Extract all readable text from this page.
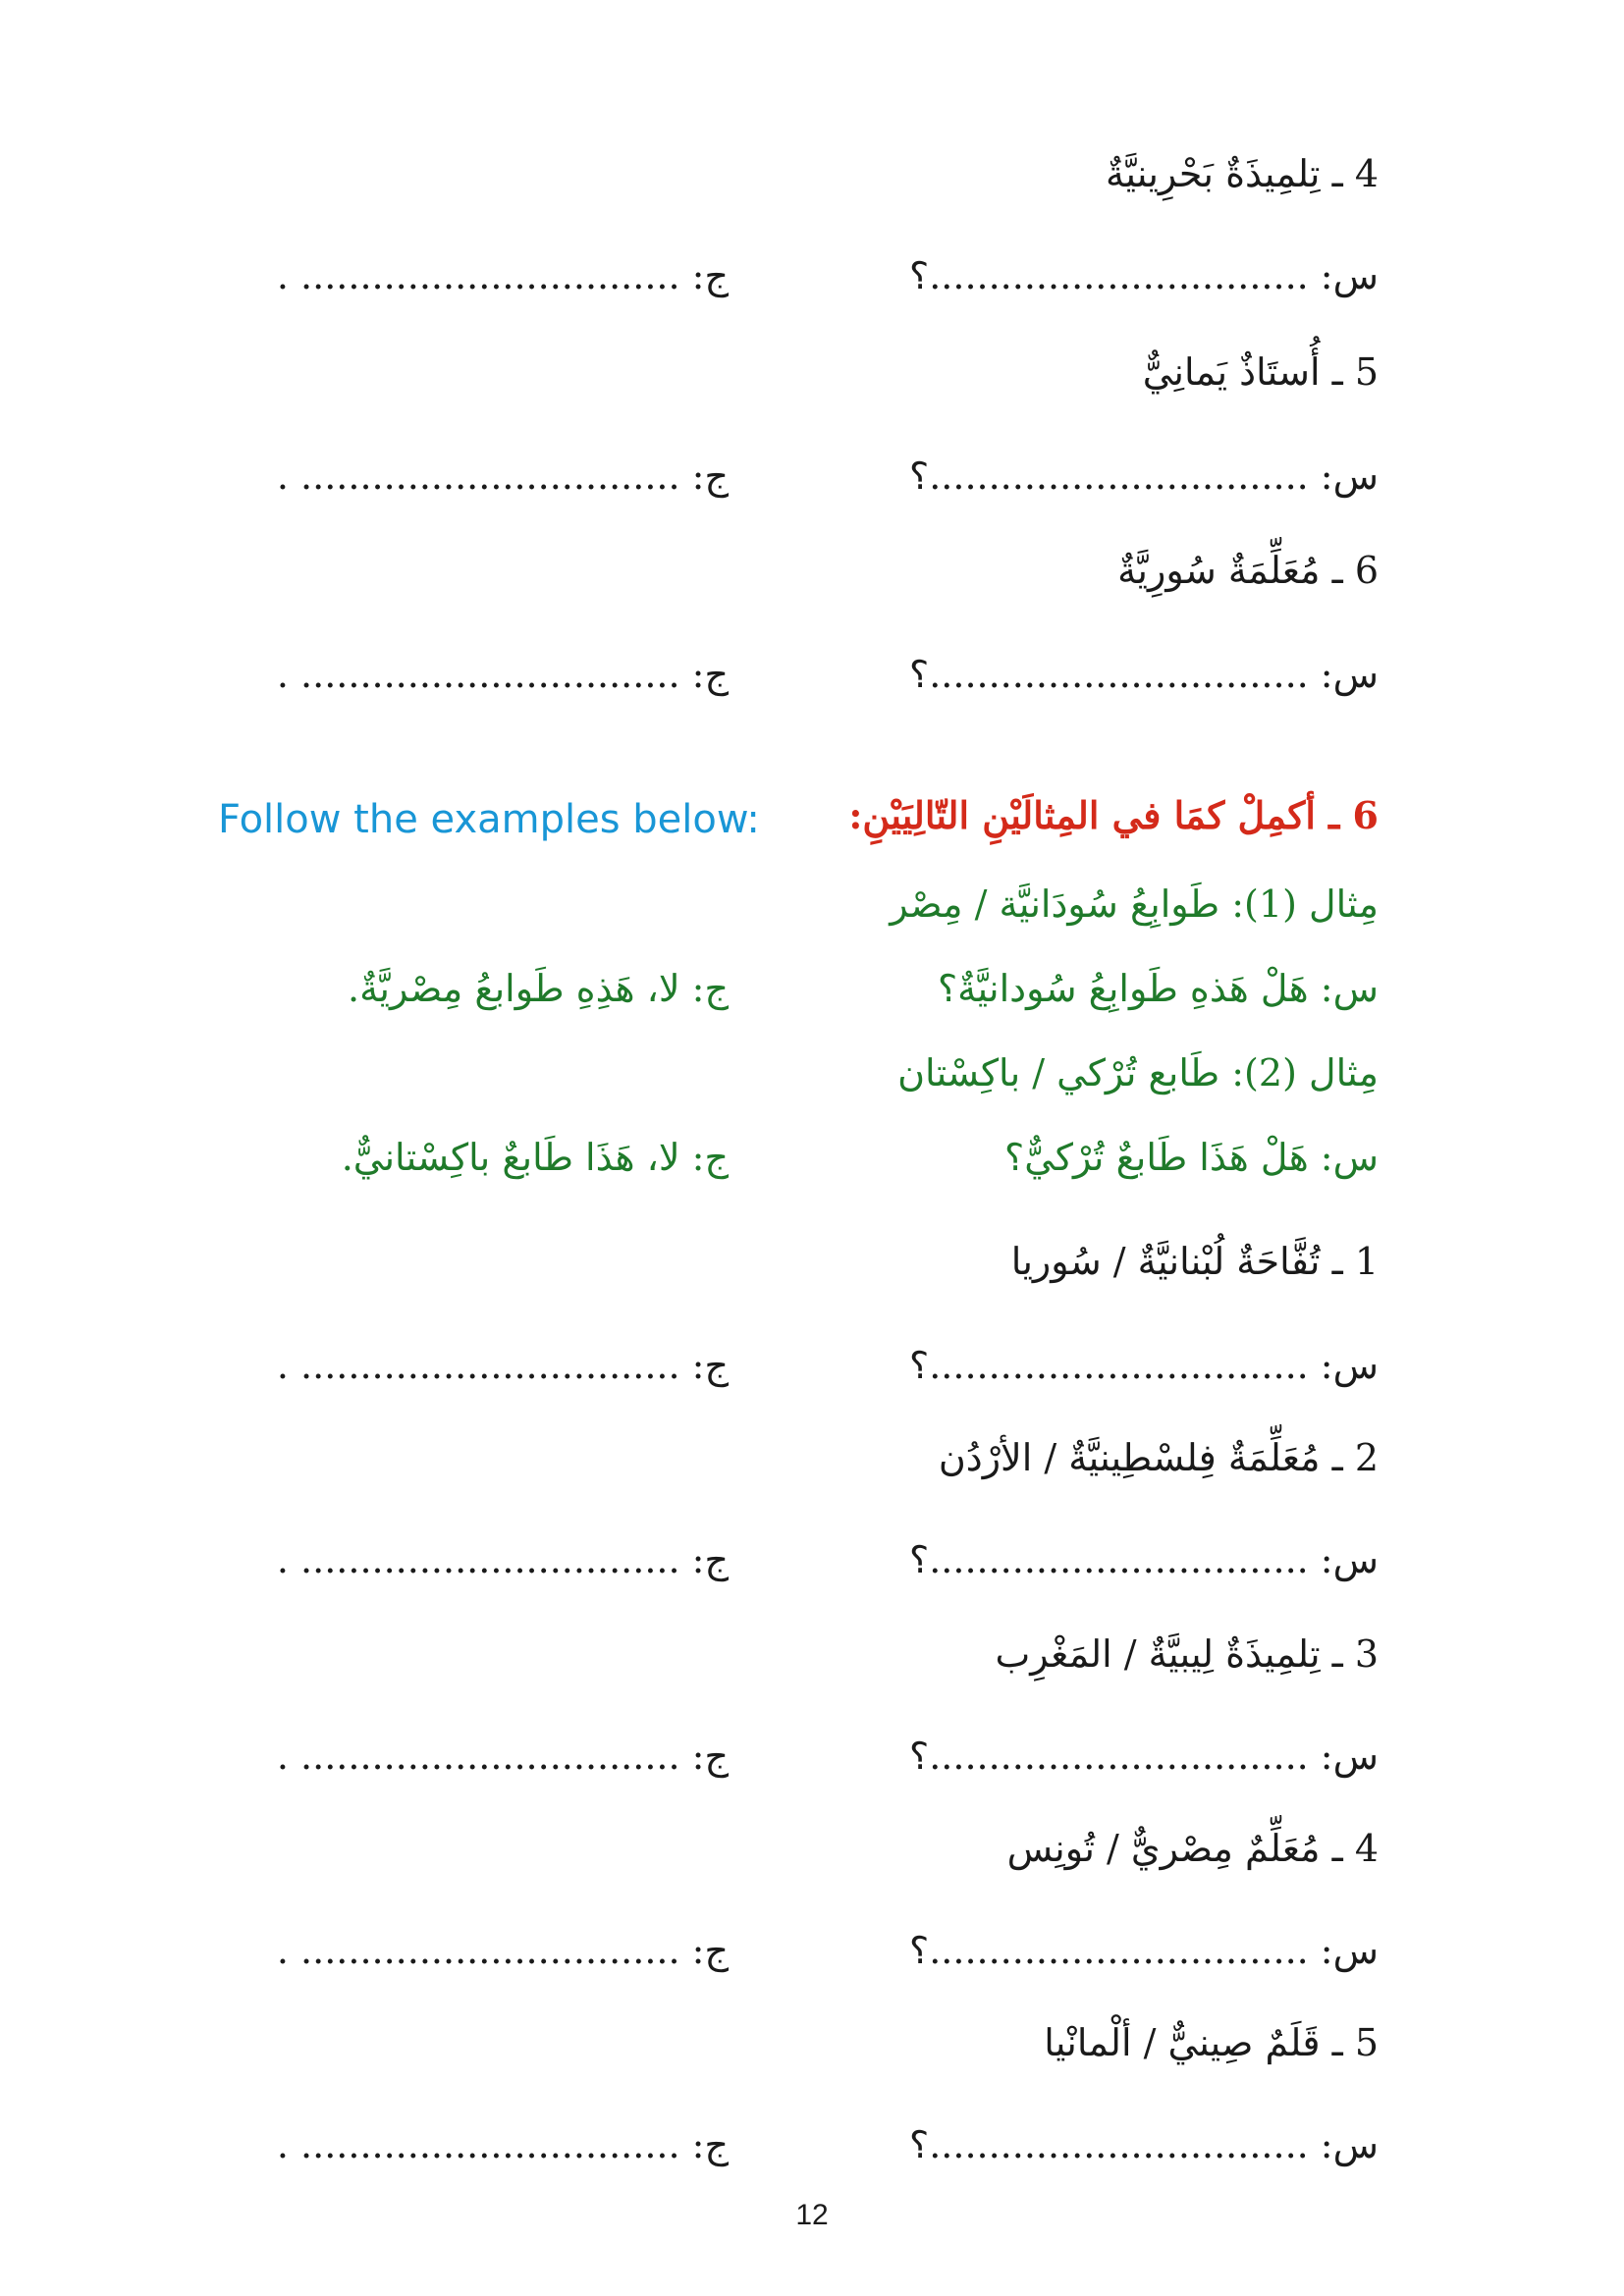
4 ـ تِلمِيذَةٌ بَحْرِينيَّةٌ
س: ................................؟
ج: ................................ .
5 ـ أُستَاذٌ يَمانِيٌّ
س: ................................؟
ج: ................................ .
6 ـ مُعَلِّمَةٌ سُورِيَّةٌ
س: ................................؟
ج: ................................ .
6 ـ أكمِلْ كمَا في المِثالَيْنِ التّالِيَيْنِ:
Follow the examples below:
مِثال (1): طَوابِعُ سُودَانيَّة / مِصْر
س: هَلْ هَذهِ طَوابِعُ سُودانيَّةٌ؟
ج: لا، هَذِهِ طَوابعُ مِصْريَّةٌ.
مِثال (2): طَابع تُرْكي / باكِسْتان
س: هَلْ هَذَا طَابعٌ تُرْكيٌّ؟
ج: لا، هَذَا طَابعٌ باكِسْتانيٌّ.
1 ـ تُفَّاحَةٌ لُبْنانيَّةٌ / سُوريا
س: ................................؟
ج: ................................ .
2 ـ مُعَلِّمَةٌ فِلسْطِينيَّةٌ / الأرْدُن
س: ................................؟
ج: ................................ .
3 ـ تِلمِيذَةٌ لِيبيَّةٌ / المَغْرِب
س: ................................؟
ج: ................................ .
4 ـ مُعَلِّمٌ مِصْريٌّ / تُونِس
س: ................................؟
ج: ................................ .
5 ـ قَلَمٌ صِينيٌّ / ألْمانْيا
س: ................................؟
ج: ................................ .
12
